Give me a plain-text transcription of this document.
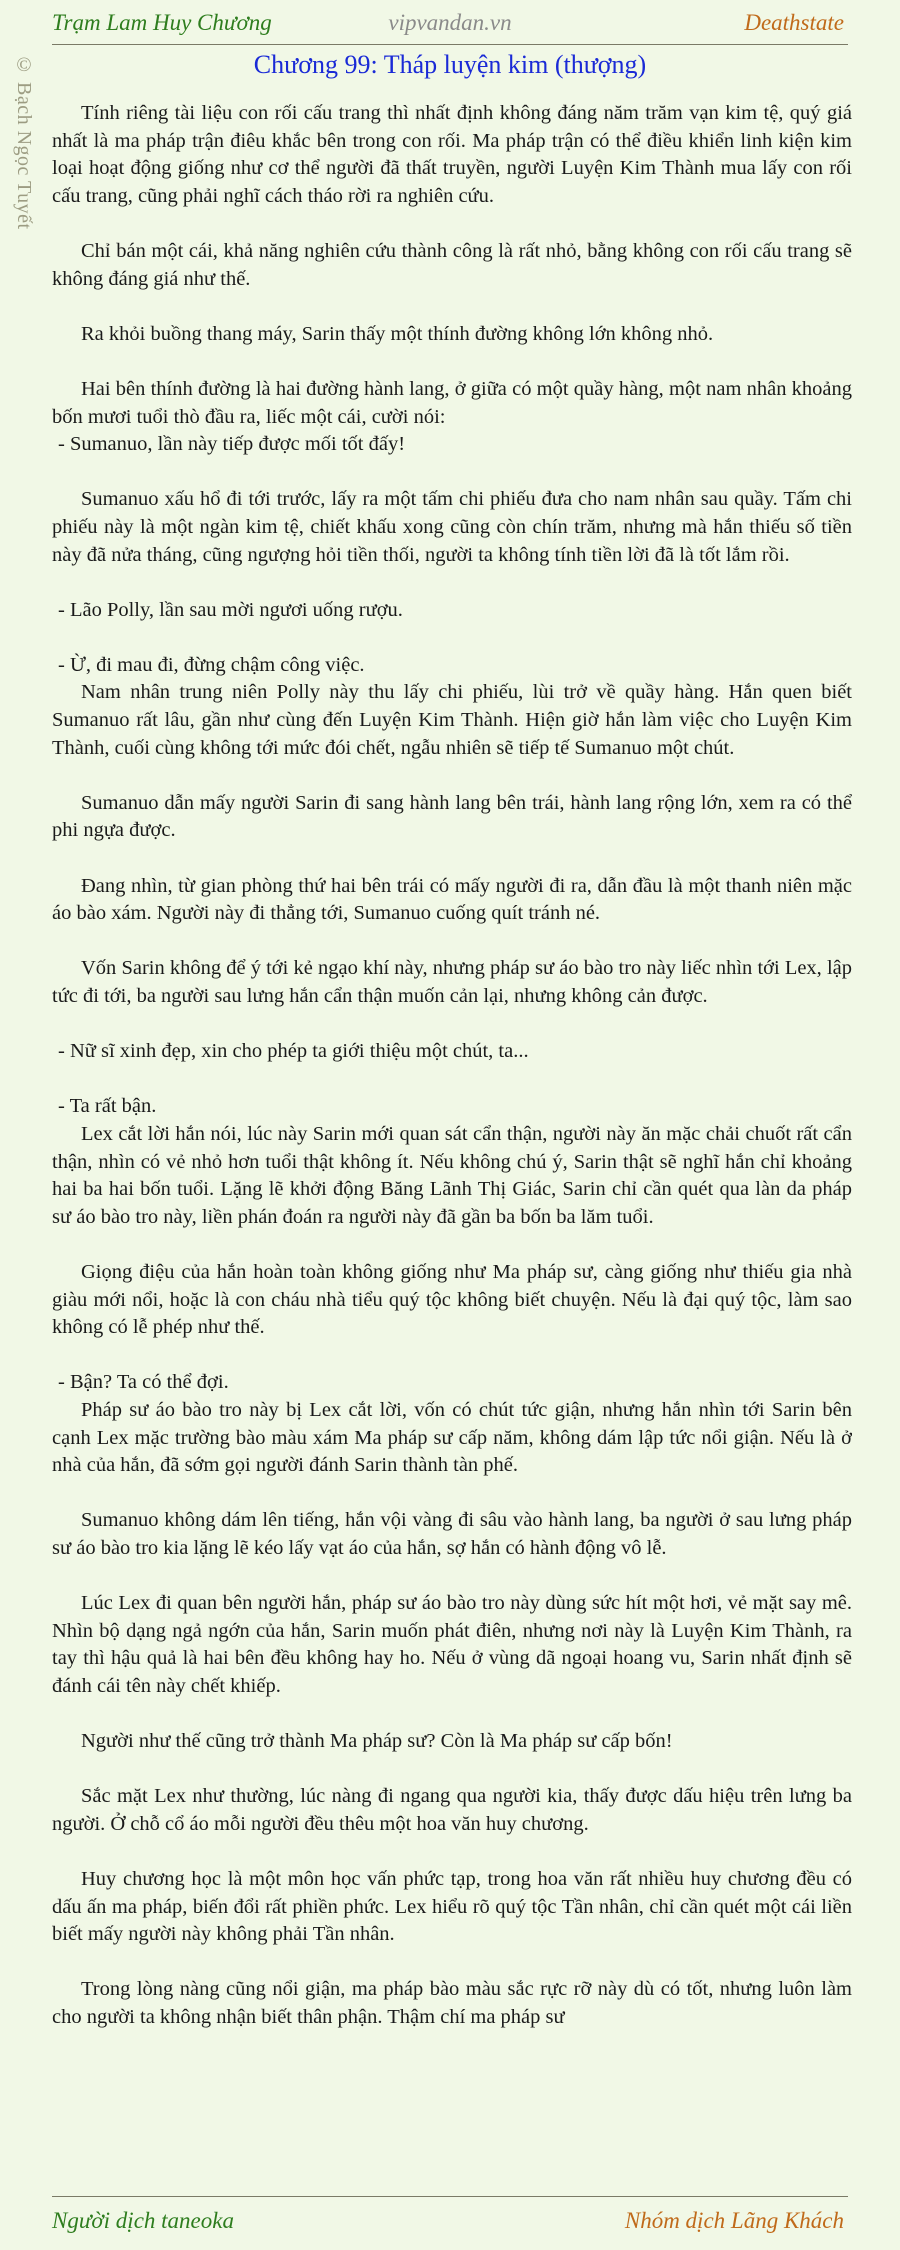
Trạm Lam Huy Chương	vipvandan.vn	Deathstate
© Bạch Ngọc Tuyết	Chương 99: Tháp luyện kim (thượng)

Tính riêng tài liệu con rối cấu trang thì nhất định không đáng năm trăm vạn kim tệ, quý giá nhất là ma pháp trận điêu khắc bên trong con rối. Ma pháp trận có thể điều khiển linh kiện kim loại hoạt động giống như cơ thể người đã thất truyền, người Luyện Kim Thành mua lấy con rối cấu trang, cũng phải nghĩ cách tháo rời ra nghiên cứu.

Chỉ bán một cái, khả năng nghiên cứu thành công là rất nhỏ, bằng không con rối cấu trang sẽ không đáng giá như thế.

Ra khỏi buồng thang máy, Sarin thấy một thính đường không lớn không nhỏ.

Hai bên thính đường là hai đường hành lang, ở giữa có một quầy hàng, một nam nhân khoảng bốn mươi tuổi thò đầu ra, liếc một cái, cười nói:

- Sumanuo, lần này tiếp được mối tốt đấy!

Sumanuo xấu hổ đi tới trước, lấy ra một tấm chi phiếu đưa cho nam nhân sau quầy. Tấm chi phiếu này là một ngàn kim tệ, chiết khấu xong cũng còn chín trăm, nhưng mà hắn thiếu số tiền này đã nửa tháng, cũng ngượng hỏi tiền thối, người ta không tính tiền lời đã là tốt lắm rồi.

- Lão Polly, lần sau mời ngươi uống rượu.

- Ừ, đi mau đi, đừng chậm công việc.

Nam nhân trung niên Polly này thu lấy chi phiếu, lùi trở về quầy hàng. Hắn quen biết Sumanuo rất lâu, gần như cùng đến Luyện Kim Thành. Hiện giờ hắn làm việc cho Luyện Kim Thành, cuối cùng không tới mức đói chết, ngẫu nhiên sẽ tiếp tế Sumanuo một chút.

Sumanuo dẫn mấy người Sarin đi sang hành lang bên trái, hành lang rộng lớn, xem ra có thể phi ngựa được.

Đang nhìn, từ gian phòng thứ hai bên trái có mấy người đi ra, dẫn đầu là một thanh niên mặc áo bào xám. Người này đi thẳng tới, Sumanuo cuống quít tránh né.

Vốn Sarin không để ý tới kẻ ngạo khí này, nhưng pháp sư áo bào tro này liếc nhìn tới Lex, lập tức đi tới, ba người sau lưng hắn cẩn thận muốn cản lại, nhưng không cản được.

- Nữ sĩ xinh đẹp, xin cho phép ta giới thiệu một chút, ta...

- Ta rất bận.

Lex cắt lời hắn nói, lúc này Sarin mới quan sát cẩn thận, người này ăn mặc chải chuốt rất cẩn thận, nhìn có vẻ nhỏ hơn tuổi thật không ít. Nếu không chú ý, Sarin thật sẽ nghĩ hắn chỉ khoảng hai ba hai bốn tuổi. Lặng lẽ khởi động Băng Lãnh Thị Giác, Sarin chỉ cần quét qua làn da pháp sư áo bào tro này, liền phán đoán ra người này đã gần ba bốn ba lăm tuổi.

Giọng điệu của hắn hoàn toàn không giống như Ma pháp sư, càng giống như thiếu gia nhà giàu mới nổi, hoặc là con cháu nhà tiểu quý tộc không biết chuyện. Nếu là đại quý tộc, làm sao không có lễ phép như thế.

- Bận? Ta có thể đợi.

Pháp sư áo bào tro này bị Lex cắt lời, vốn có chút tức giận, nhưng hắn nhìn tới Sarin bên cạnh Lex mặc trường bào màu xám Ma pháp sư cấp năm, không dám lập tức nổi giận. Nếu là ở nhà của hắn, đã sớm gọi người đánh Sarin thành tàn phế.

Sumanuo không dám lên tiếng, hắn vội vàng đi sâu vào hành lang, ba người ở sau lưng pháp sư áo bào tro kia lặng lẽ kéo lấy vạt áo của hắn, sợ hắn có hành động vô lễ.

Lúc Lex đi quan bên người hắn, pháp sư áo bào tro này dùng sức hít một hơi, vẻ mặt say mê. Nhìn bộ dạng ngả ngớn của hắn, Sarin muốn phát điên, nhưng nơi này là Luyện Kim Thành, ra tay thì hậu quả là hai bên đều không hay ho. Nếu ở vùng dã ngoại hoang vu, Sarin nhất định sẽ đánh cái tên này chết khiếp.

Người như thế cũng trở thành Ma pháp sư? Còn là Ma pháp sư cấp bốn!

Sắc mặt Lex như thường, lúc nàng đi ngang qua người kia, thấy được dấu hiệu trên lưng ba người. Ở chỗ cổ áo mỗi người đều thêu một hoa văn huy chương.

Huy chương học là một môn học vấn phức tạp, trong hoa văn rất nhiều huy chương đều có dấu ấn ma pháp, biến đổi rất phiền phức. Lex hiểu rõ quý tộc Tần nhân, chỉ cần quét một cái liền biết mấy người này không phải Tần nhân.

Trong lòng nàng cũng nổi giận, ma pháp bào màu sắc rực rỡ này dù có tốt, nhưng luôn làm cho người ta không nhận biết thân phận. Thậm chí ma pháp sư

Người dịch taneoka	Nhóm dịch Lãng Khách
